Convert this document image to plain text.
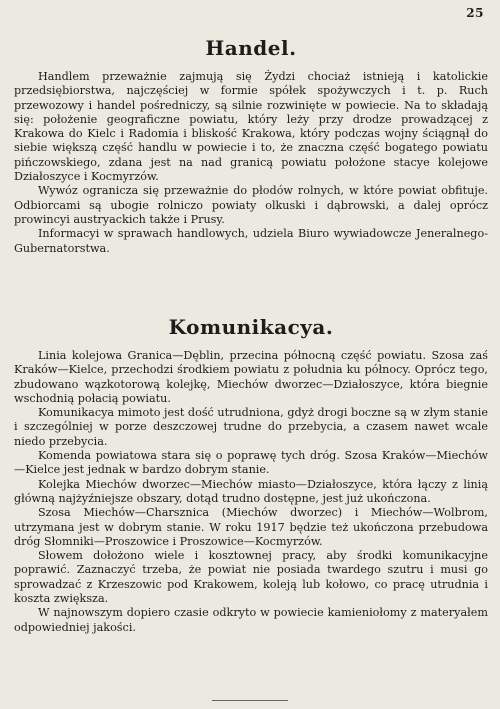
25
Handel.

Handlem przeważnie zajmują się Żydzi chociaż istnieją i katolickie przedsiębiorstwa, najczęściej w formie spółek spożywczych i t. p. Ruch przewozowy i handel pośredniczy, są silnie rozwinięte w powiecie. Na to składają się: położenie geograficzne powiatu, który leży przy drodze prowadzącej z Krakowa do Kielc i Radomia i bliskość Krakowa, który podczas wojny ściągnął do siebie większą część handlu w powiecie i to, że znaczna część bogatego powiatu pińczowskiego, zdana jest na nad granicą powiatu położone stacye kolejowe Działoszyce i Kocmyrzów.

Wywóz ogranicza się przeważnie do płodów rolnych, w które powiat obfituje. Odbiorcami są ubogie rolniczo powiaty olkuski i dąbrowski, a dalej oprócz prowincyi austryackich także i Prusy.

Informacyi w sprawach handlowych, udziela Biuro wywiadowcze Jeneralnego-Gubernatorstwa.

Komunikacya.

Linia kolejowa Granica—Dęblin, przecina północną część powiatu. Szosa zaś Kraków—Kielce, przechodzi środkiem powiatu z południa ku północy. Oprócz tego, zbudowano wązkotorową kolejkę, Miechów dworzec—Działoszyce, która biegnie wschodnią połacią powiatu.

Komunikacya mimoto jest dość utrudniona, gdyż drogi boczne są w złym stanie i szczególniej w porze deszczowej trudne do przebycia, a czasem nawet wcale niedo przebycia.

Komenda powiatowa stara się o poprawę tych dróg. Szosa Kraków—Miechów—Kielce jest jednak w bardzo dobrym stanie.

Kolejka Miechów dworzec—Miechów miasto—Działoszyce, która łączy z linią główną najżyźniejsze obszary, dotąd trudno dostępne, jest już ukończona.

Szosa Miechów—Charsznica (Miechów dworzec) i Miechów—Wolbrom, utrzymana jest w dobrym stanie. W roku 1917 będzie też ukończona przebudowa dróg Słomniki—Proszowice i Proszowice—Kocmyrzów.

Słowem dołożono wiele i kosztownej pracy, aby środki komunikacyjne poprawić. Zaznaczyć trzeba, że powiat nie posiada twardego szutru i musi go sprowadzać z Krzeszowic pod Krakowem, koleją lub kołowo, co pracę utrudnia i koszta zwiększa.

W najnowszym dopiero czasie odkryto w powiecie kamieniołomy z materyałem odpowiedniej jakości.
